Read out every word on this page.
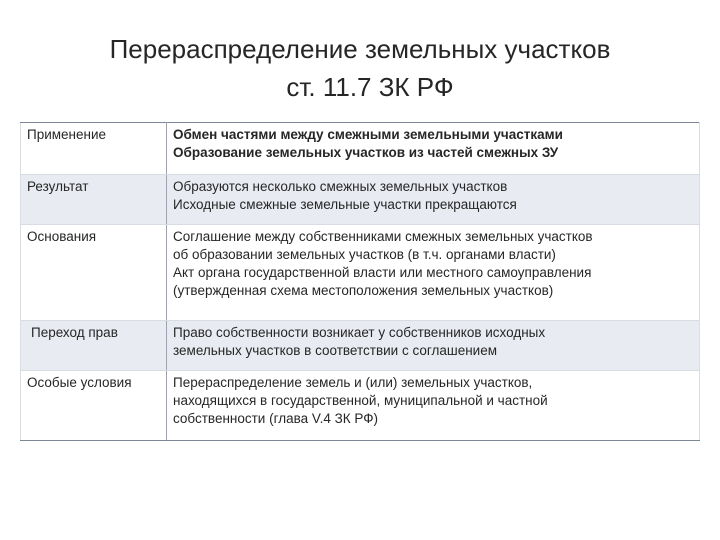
Перераспределение земельных участков
ст. 11.7 ЗК РФ
Применение	Обмен частями между смежными земельными участками
Образование земельных участков из частей смежных ЗУ

Результат	Образуются несколько смежных земельных участков
Исходные смежные земельные участки прекращаются

Основания	Соглашение между собственниками смежных земельных участков
об образовании земельных участков (в т.ч. органами власти)
Акт органа государственной власти или местного самоуправления
(утвержденная схема местоположения земельных участков)

Переход прав	Право собственности возникает у собственников исходных
земельных участков в соответствии с соглашением

Особые условия	Перераспределение земель и (или) земельных участков,
находящихся в государственной, муниципальной и частной
собственности (глава V.4 ЗК РФ)
